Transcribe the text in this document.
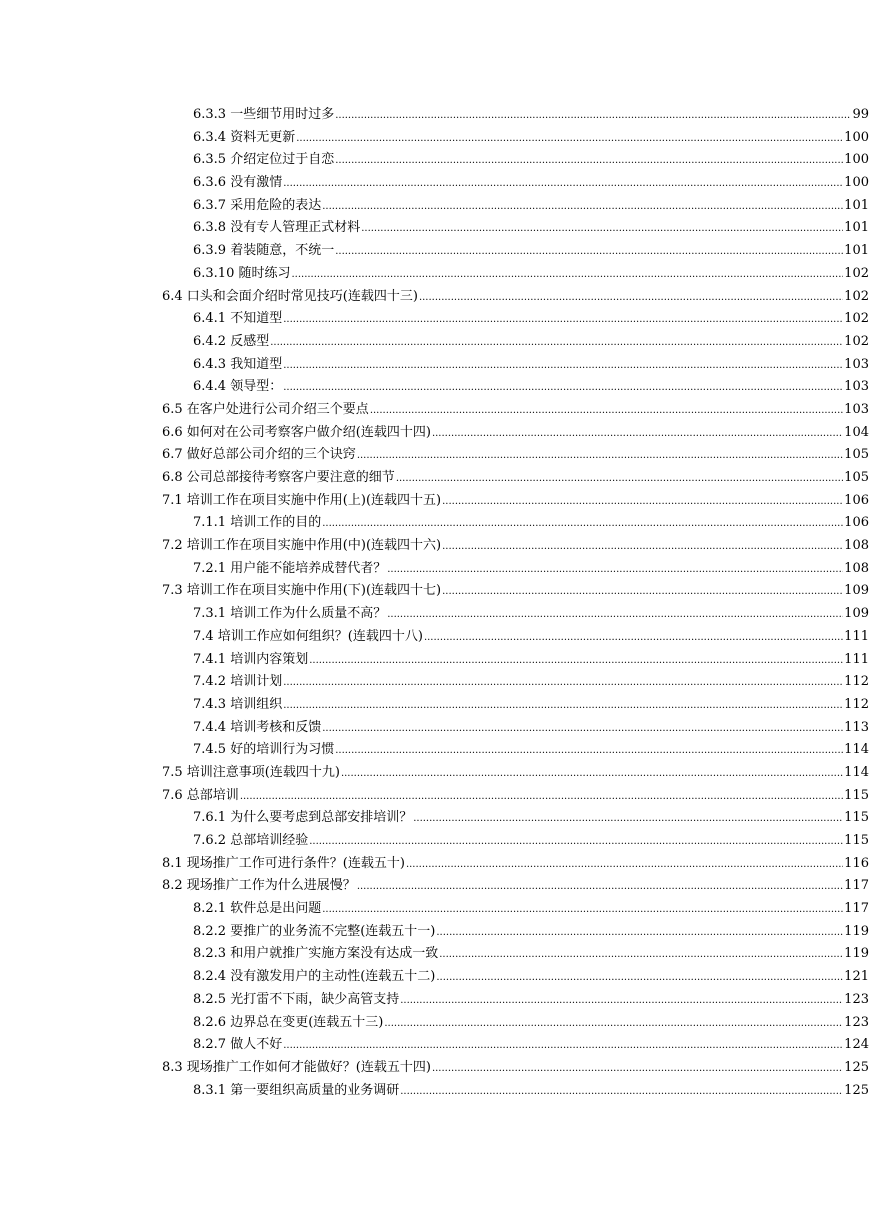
6.3.3 一些细节用时过多 .....	99
6.3.4 资料无更新 .....	100
6.3.5 介绍定位过于自恋 .....	100
6.3.6 没有激情 .....	100
6.3.7 采用危险的表达 .....	101
6.3.8 没有专人管理正式材料 .....	101
6.3.9 着装随意，不统一 .....	101
6.3.10 随时练习 .....	102
6.4 口头和会面介绍时常见技巧(连载四十三) .....	102
6.4.1 不知道型 .....	102
6.4.2 反感型 .....	102
6.4.3 我知道型 .....	103
6.4.4 领导型： .....	103
6.5 在客户处进行公司介绍三个要点 .....	103
6.6 如何对在公司考察客户做介绍(连载四十四) .....	104
6.7 做好总部公司介绍的三个诀窍 .....	105
6.8 公司总部接待考察客户要注意的细节 .....	105
7.1 培训工作在项目实施中作用(上)(连载四十五) .....	106
7.1.1 培训工作的目的 .....	106
7.2 培训工作在项目实施中作用(中)(连载四十六) .....	108
7.2.1 用户能不能培养成替代者？ .....	108
7.3 培训工作在项目实施中作用(下)(连载四十七) .....	109
7.3.1 培训工作为什么质量不高？ .....	109
7.4 培训工作应如何组织？(连载四十八) .....	111
7.4.1 培训内容策划 .....	111
7.4.2 培训计划 .....	112
7.4.3 培训组织 .....	112
7.4.4 培训考核和反馈 .....	113
7.4.5 好的培训行为习惯 .....	114
7.5 培训注意事项(连载四十九) .....	114
7.6 总部培训 .....	115
7.6.1 为什么要考虑到总部安排培训？ .....	115
7.6.2 总部培训经验 .....	115
8.1 现场推广工作可进行条件？(连载五十) .....	116
8.2 现场推广工作为什么进展慢？ .....	117
8.2.1 软件总是出问题 .....	117
8.2.2 要推广的业务流不完整(连载五十一) .....	119
8.2.3 和用户就推广实施方案没有达成一致 .....	119
8.2.4 没有激发用户的主动性(连载五十二) .....	121
8.2.5 光打雷不下雨，缺少高管支持 .....	123
8.2.6 边界总在变更(连载五十三) .....	123
8.2.7 做人不好 .....	124
8.3 现场推广工作如何才能做好？(连载五十四) .....	125
8.3.1 第一要组织高质量的业务调研 .....	125
